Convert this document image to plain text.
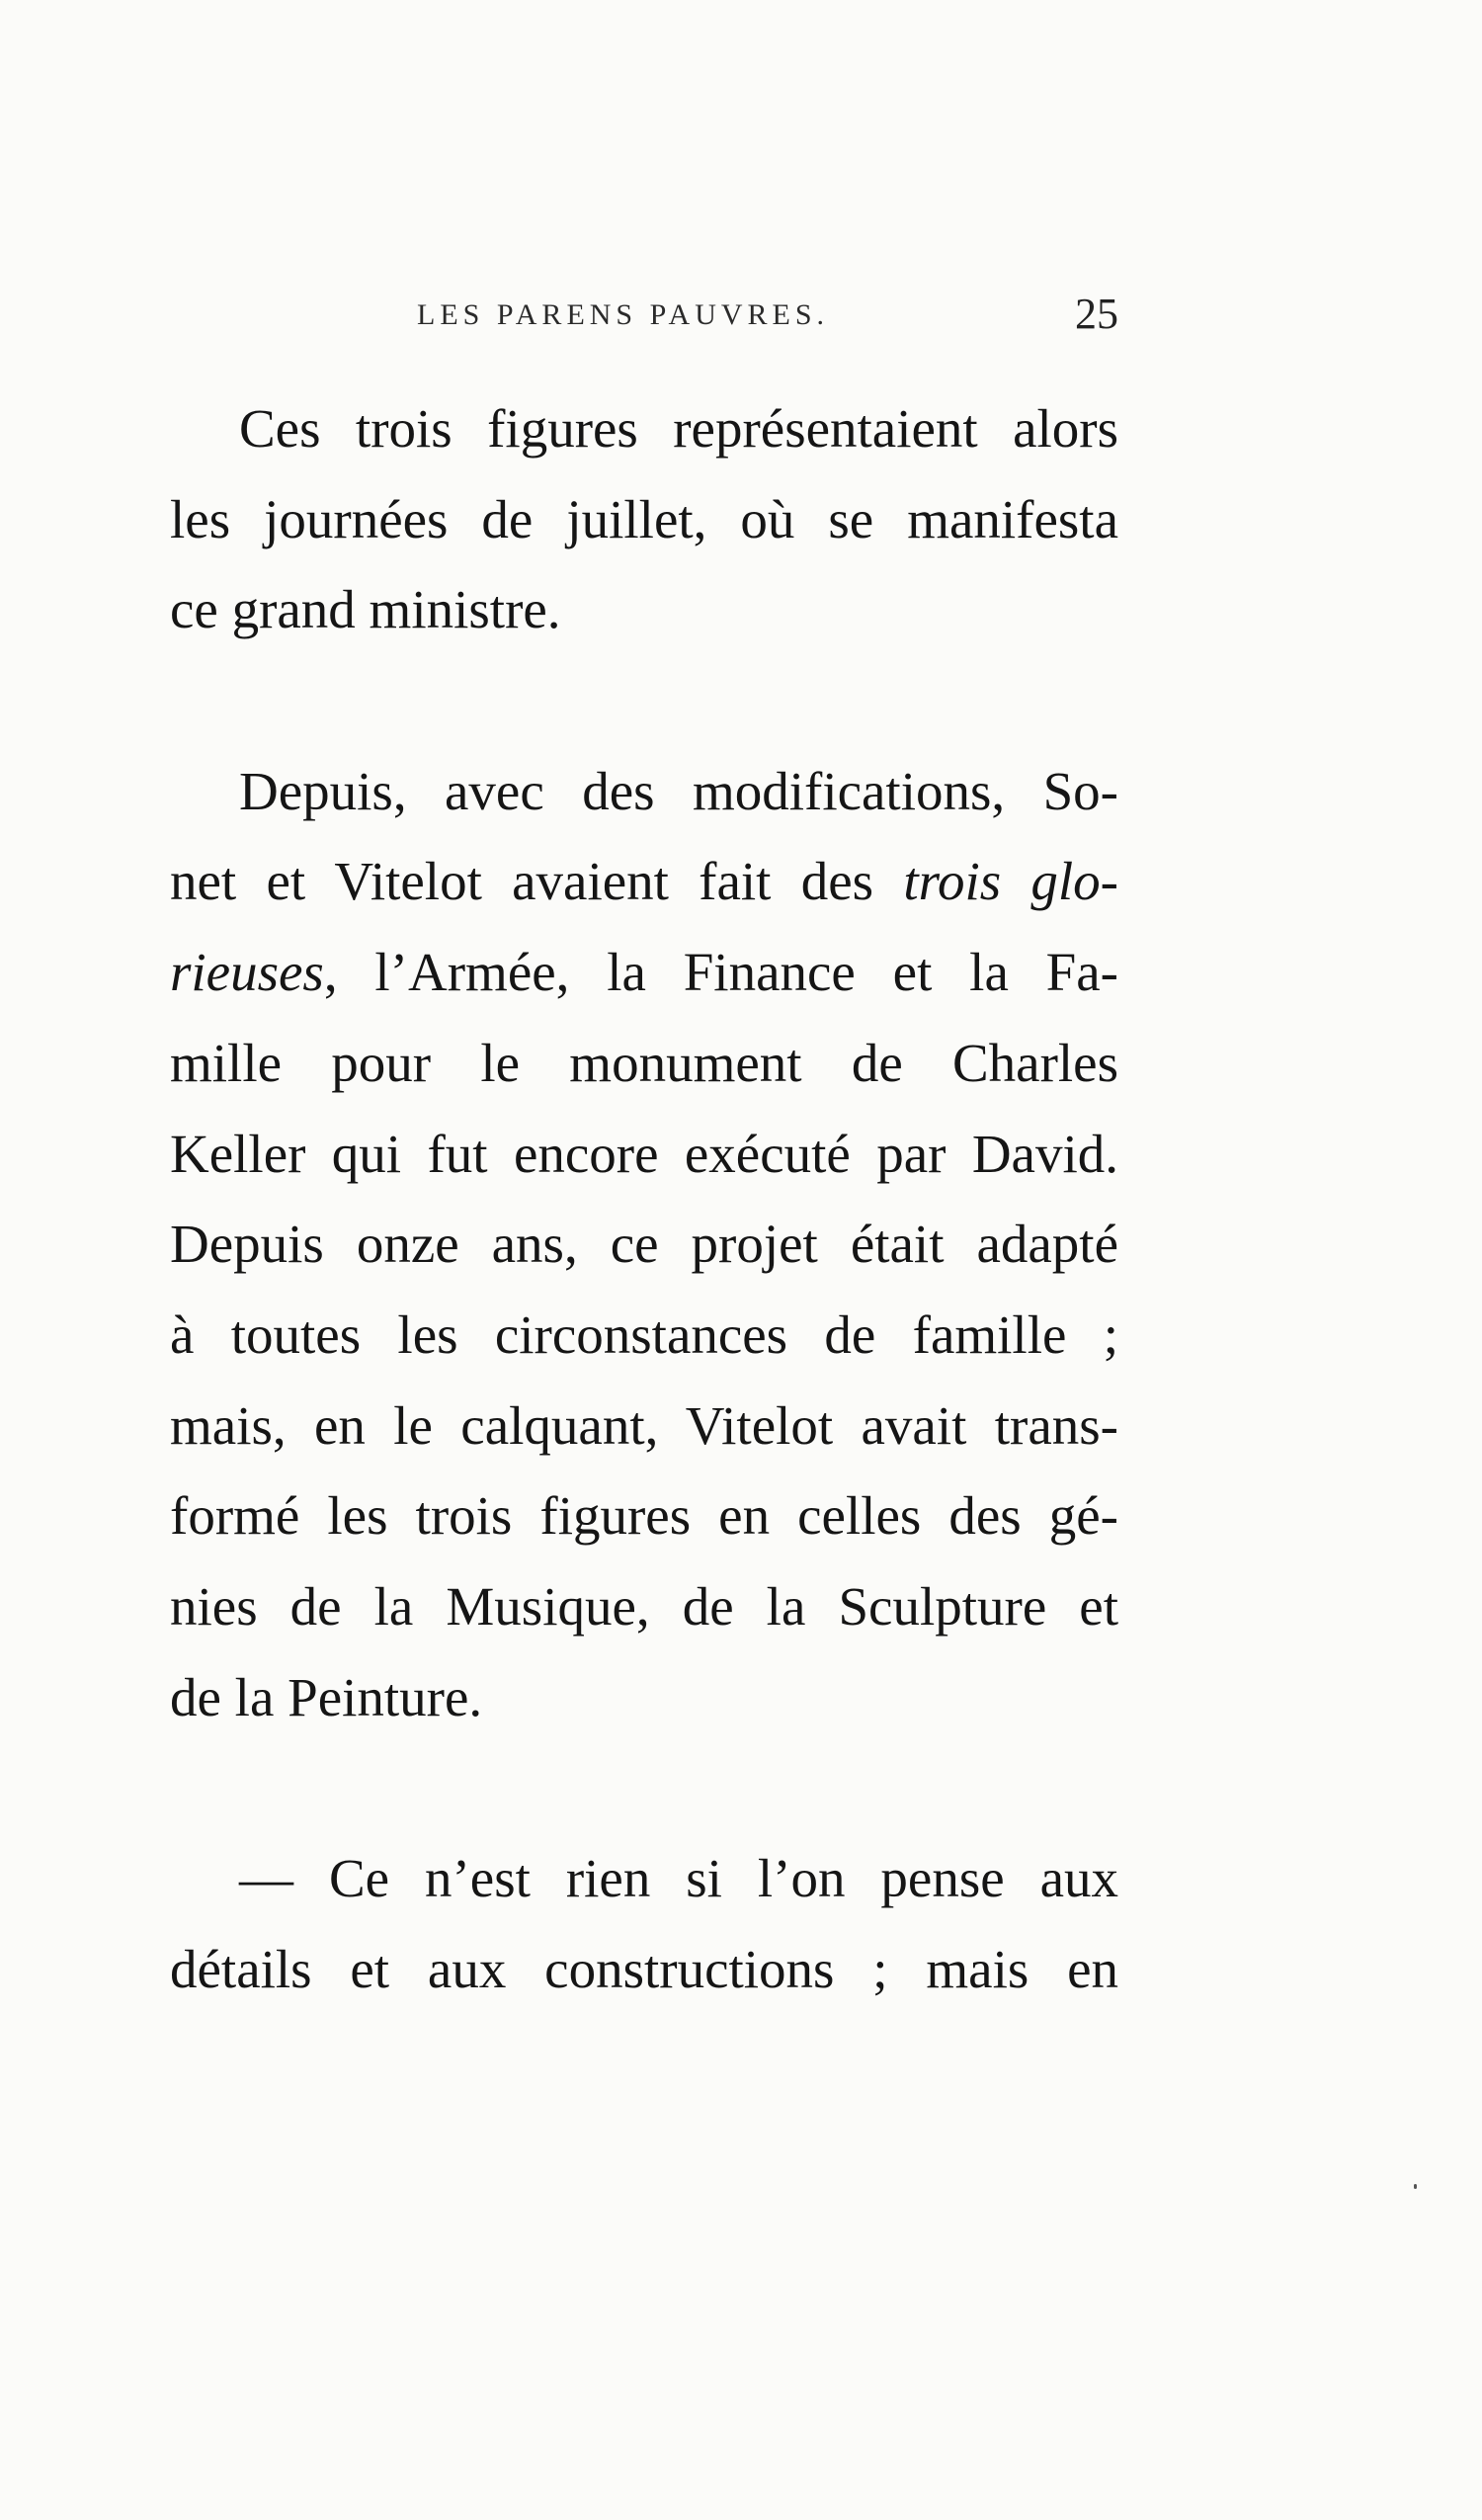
LES PARENS PAUVRES.	25
Ces trois figures représentaient alors
les journées de juillet, où se manifesta
ce grand ministre.
Depuis, avec des modifications, So-
net et Vitelot avaient fait des trois glo-
rieuses, l’Armée, la Finance et la Fa-
mille pour le monument de Charles
Keller qui fut encore exécuté par David.
Depuis onze ans, ce projet était adapté
à toutes les circonstances de famille ;
mais, en le calquant, Vitelot avait trans-
formé les trois figures en celles des gé-
nies de la Musique, de la Sculpture et
de la Peinture.
— Ce n’est rien si l’on pense aux
détails et aux constructions ; mais en
